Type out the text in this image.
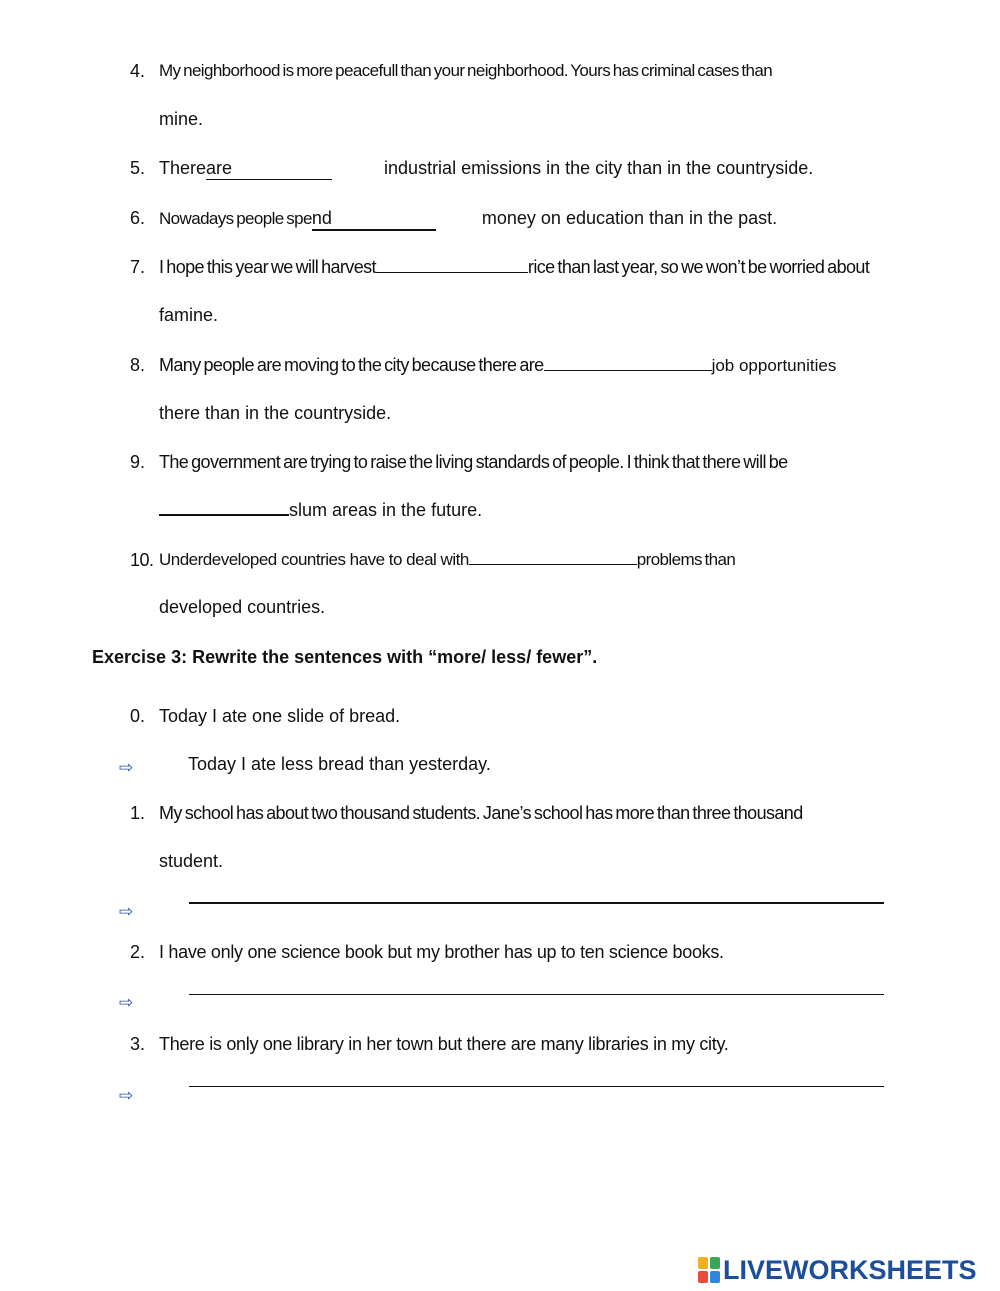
4. My neighborhood is more peacefull than your neighborhood. Yours has criminal cases than
mine.
5. Thereare	industrial emissions in the city than in the countryside.
6. Nowadays people spend	money on education than in the past.
7. I hope this year we will harvest	rice than last year, so we won’t be worried about
famine.
8. Many people are moving to the city because there are	job opportunities
there than in the countryside.
9. The government are trying to raise the living standards of people. I think that there will be
slum areas in the future.
10. Underdeveloped countries have to deal with	problems than
developed countries.
Exercise 3: Rewrite the sentences with “more/ less/ fewer”.
0. Today I ate one slide of bread.
⇨	Today I ate less bread than yesterday.
1. My school has about two thousand students. Jane’s school has more than three thousand
student.
⇨
2. I have only one science book but my brother has up to ten science books.
⇨
3. There is only one library in her town but there are many libraries in my city.
⇨
LIVEWORKSHEETS
